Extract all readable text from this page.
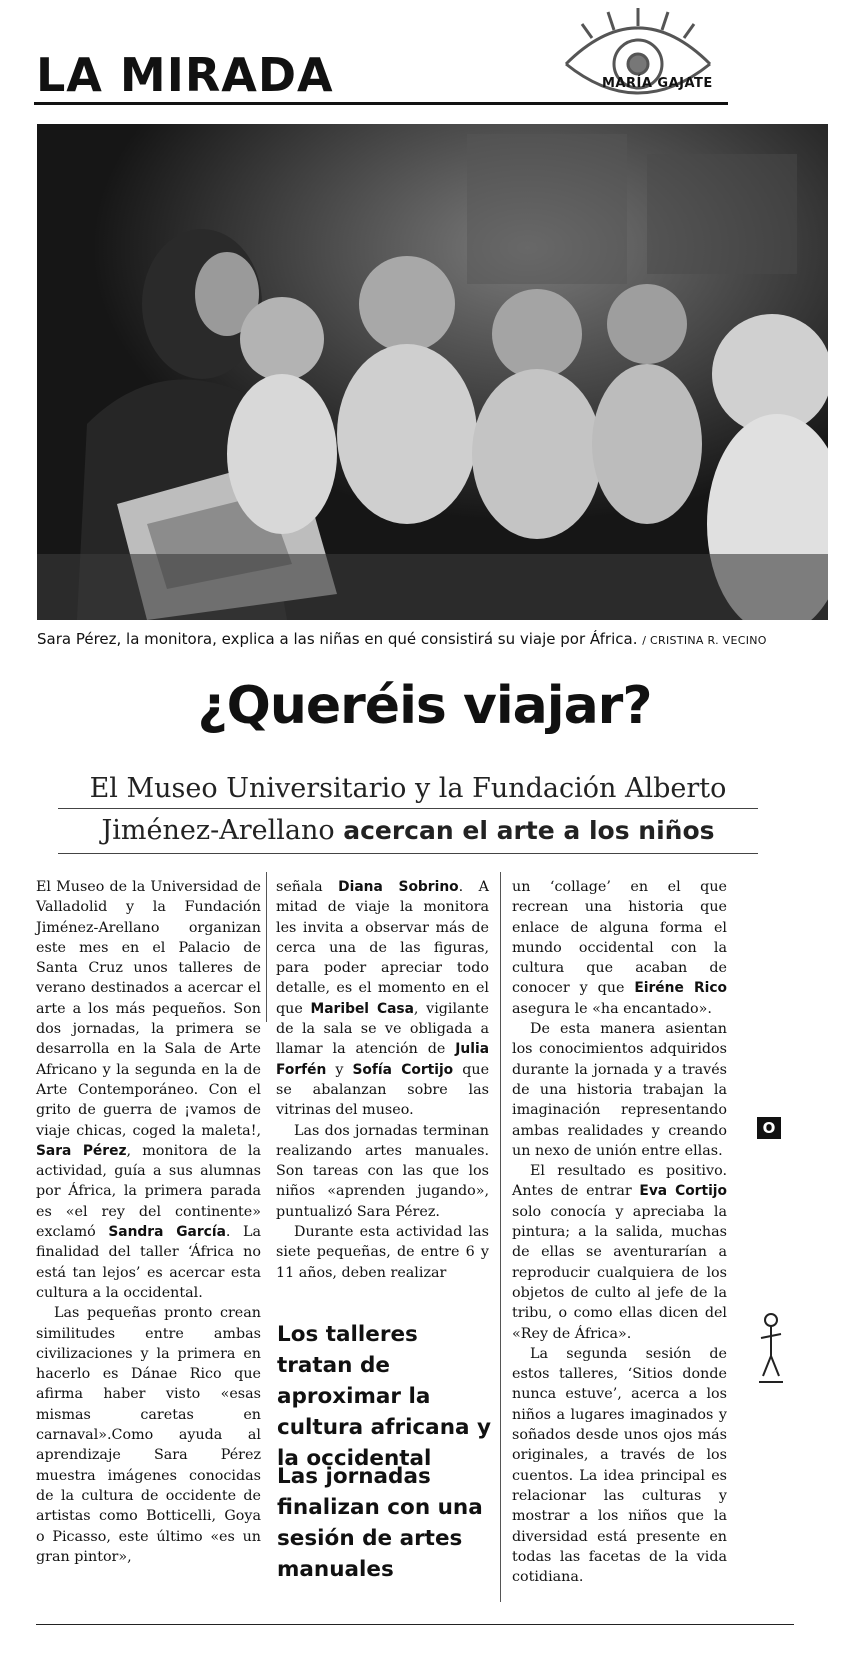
LA MIRADA	MARÍA GAJATE
Sara Pérez, la monitora, explica a las niñas en qué consistirá su viaje por África. / CRISTINA R. VECINO
¿Queréis viajar?
El Museo Universitario y la Fundación Alberto
Jiménez-Arellano acercan el arte a los niños

El Museo de la Universidad de Valladolid y la Fundación Jiménez-Arellano organizan este mes en el Palacio de Santa Cruz unos talleres de verano destinados a acercar el arte a los más pequeños. Son dos jornadas, la primera se desarrolla en la Sala de Arte Africano y la segunda en la de Arte Contemporáneo. Con el grito de guerra de ¡vamos de viaje chicas, coged la maleta!, Sara Pérez, monitora de la actividad, guía a sus alumnas por África, la primera parada es «el rey del continente» exclamó Sandra García. La finalidad del taller ‘África no está tan lejos’ es acercar esta cultura a la occidental.

Las pequeñas pronto crean similitudes entre ambas civilizaciones y la primera en hacerlo es Dánae Rico que afirma haber visto «esas mismas caretas en carnaval».Como ayuda al aprendizaje Sara Pérez muestra imágenes conocidas de la cultura de occidente de artistas como Botticelli, Goya o Picasso, este último «es un gran pintor»,

señala Diana Sobrino. A mitad de viaje la monitora les invita a observar más de cerca una de las figuras, para poder apreciar todo detalle, es el momento en el que Maribel Casa, vigilante de la sala se ve obligada a llamar la atención de Julia Forfén y Sofía Cortijo que se abalanzan sobre las vitrinas del museo.

Las dos jornadas terminan realizando artes manuales. Son tareas con las que los niños «aprenden jugando», puntualizó Sara Pérez.

Durante esta actividad las siete pequeñas, de entre 6 y 11 años, deben realizar

Los talleres tratan de aproximar la cultura africana y la occidental

Las jornadas finalizan con una sesión de artes manuales

un ‘collage’ en el que recrean una historia que enlace de alguna forma el mundo occidental con la cultura que acaban de conocer y que Eiréne Rico asegura le «ha encantado».

De esta manera asientan los conocimientos adquiridos durante la jornada y a través de una historia trabajan la imaginación representando ambas realidades y creando un nexo de unión entre ellas.

El resultado es positivo. Antes de entrar Eva Cortijo solo conocía y apreciaba la pintura; a la salida, muchas de ellas se aventurarían a reproducir cualquiera de los objetos de culto al jefe de la tribu, o como ellas dicen del «Rey de África».

La segunda sesión de estos talleres, ‘Sitios donde nunca estuve’, acerca a los niños a lugares imaginados y soñados desde unos ojos más originales, a través de los cuentos. La idea principal es relacionar las culturas y mostrar a los niños que la diversidad está presente en todas las facetas de la vida cotidiana.

O
